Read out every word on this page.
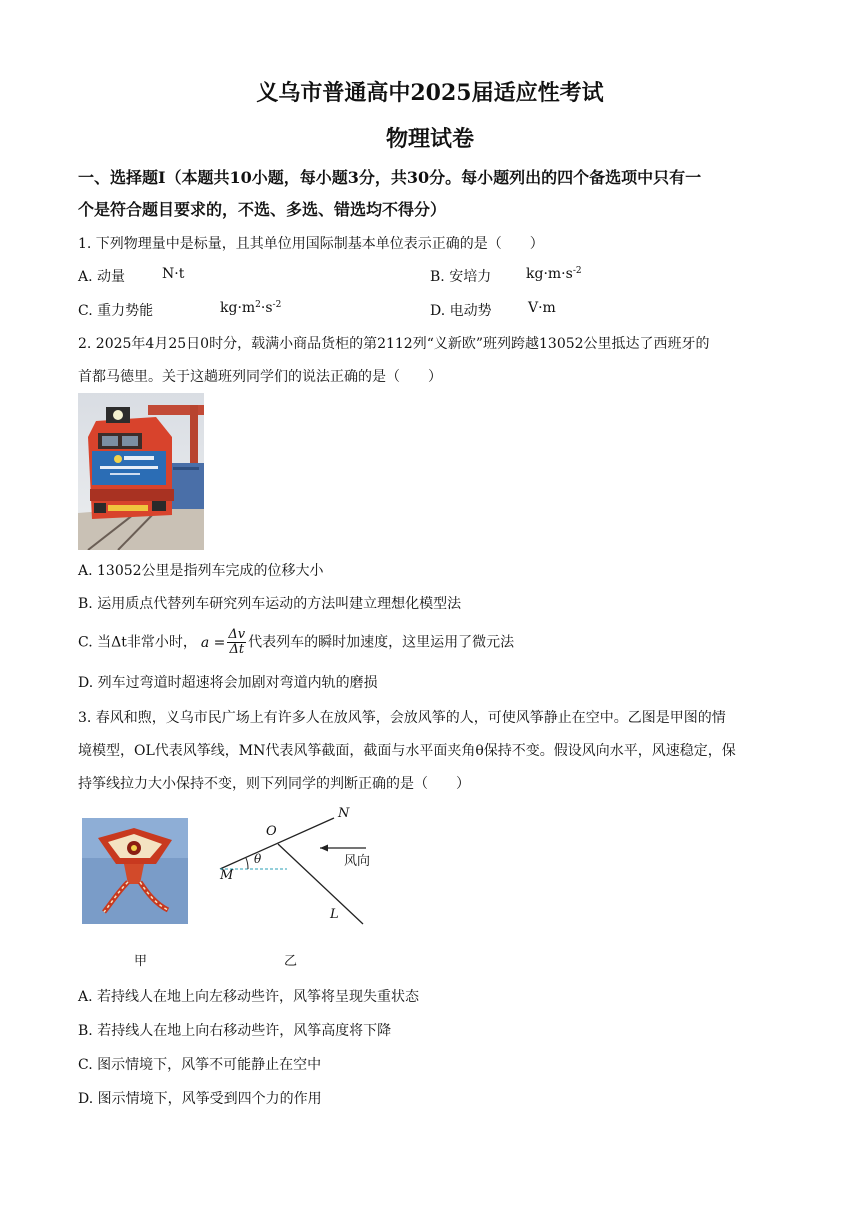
义乌市普通高中2025届适应性考试
物理试卷
一、选择题Ⅰ（本题共10小题，每小题3分，共30分。每小题列出的四个备选项中只有一
个是符合题目要求的，不选、多选、错选均不得分）
1. 下列物理量中是标量，且其单位用国际制基本单位表示正确的是（　　）
A. 动量	N·t	B. 安培力 $kg\cdot m\cdot s^{-2}$
C. 重力势能	$kg\cdot m^2\cdot s^{-2}$	D. 电动势	V·m
2. 2025年4月25日0时分，载满小商品货柜的第2112列“义新欧”班列跨越13052公里抵达了西班牙的
首都马德里。关于这趟班列同学们的说法正确的是（　　）
A. 13052公里是指列车完成的位移大小
B. 运用质点代替列车研究列车运动的方法叫建立理想化模型法
C. 当Δt非常小时， $a = \frac{\Delta v}{\Delta t}$ 代表列车的瞬时加速度，这里运用了微元法
D. 列车过弯道时超速将会加剧对弯道内轨的磨损
3. 春风和煦，义乌市民广场上有许多人在放风筝，会放风筝的人，可使风筝静止在空中。乙图是甲图的情
境模型，OL代表风筝线，MN代表风筝截面，截面与水平面夹角θ保持不变。假设风向水平，风速稳定，保
持筝线拉力大小保持不变，则下列同学的判断正确的是（　　）
甲
N
O
M
L
θ	风向
乙
A. 若持线人在地上向左移动些许，风筝将呈现失重状态
B. 若持线人在地上向右移动些许，风筝高度将下降
C. 图示情境下，风筝不可能静止在空中
D. 图示情境下，风筝受到四个力的作用
